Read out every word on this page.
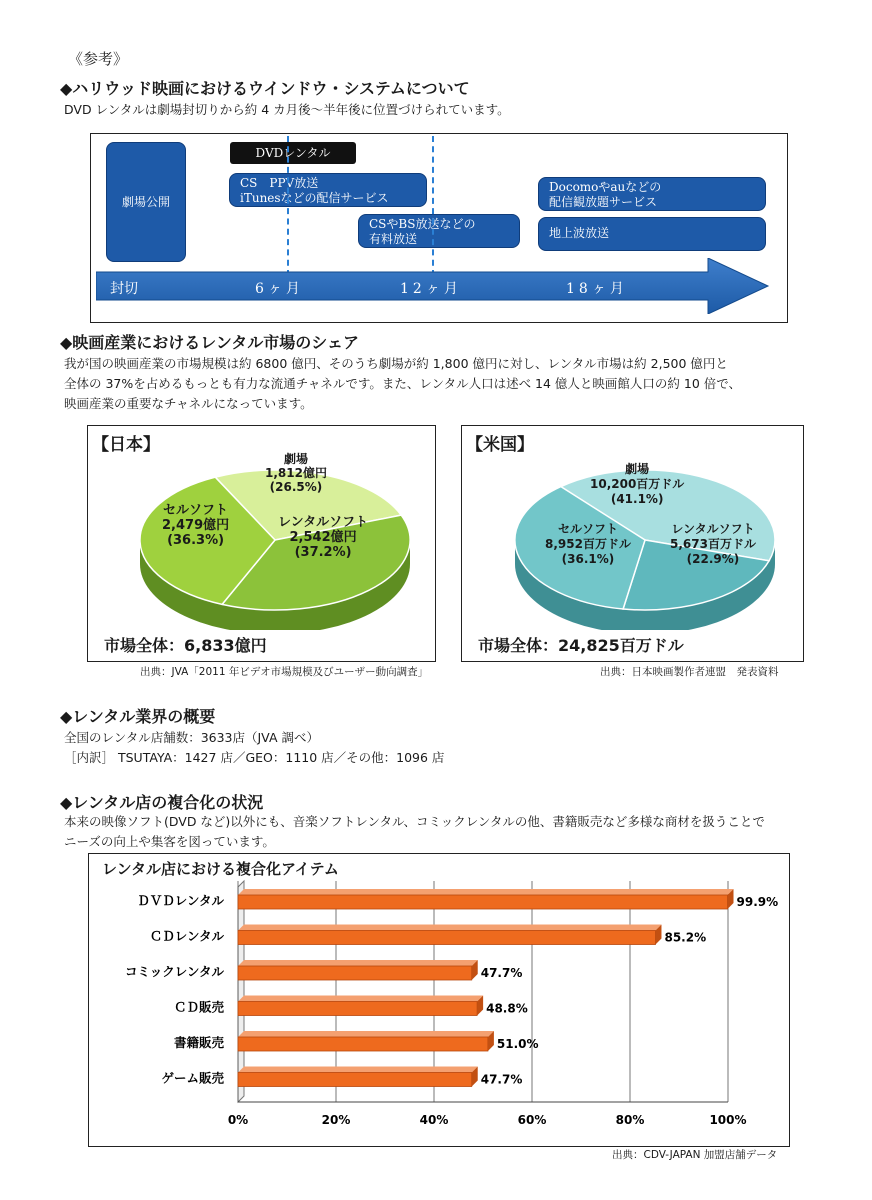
《参考》
◆ハリウッド映画におけるウインドウ・システムについて
DVD レンタルは劇場封切りから約 4 カ月後〜半年後に位置づけられています。
劇場公開
DVDレンタル
CS　PPV放送
iTunesなどの配信サービス
CSやBS放送などの
有料放送
Docomoやauなどの
配信観放題サービス
地上波放送
封切	6ヶ月	12ヶ月	18ヶ月
◆映画産業におけるレンタル市場のシェア
我が国の映画産業の市場規模は約 6800 億円、そのうち劇場が約 1,800 億円に対し、レンタル市場は約 2,500 億円と
全体の 37%を占めるもっとも有力な流通チャネルです。また、レンタル人口は述べ 14 億人と映画館人口の約 10 倍で、
映画産業の重要なチャネルになっています。
【日本】
劇場
1,812億円
(26.5%)
レンタルソフト
2,542億円
(37.2%)
セルソフト
2,479億円
(36.3%)
市場全体：6,833億円
出典：JVA「2011 年ビデオ市場規模及びユーザー動向調査」
【米国】
劇場
10,200百万ドル
(41.1%)
レンタルソフト
5,673百万ドル
(22.9%)
セルソフト
8,952百万ドル
(36.1%)
市場全体：24,825百万ドル
出典：日本映画製作者連盟　発表資料
◆レンタル業界の概要
全国のレンタル店舗数：3633店（JVA 調べ）
［内訳］ TSUTAYA：1427 店／GEO：1110 店／その他：1096 店
◆レンタル店の複合化の状況
本来の映像ソフト(DVD など)以外にも、音楽ソフトレンタル、コミックレンタルの他、書籍販売など多様な商材を扱うことで
ニーズの向上や集客を図っています。
レンタル店における複合化アイテム
ＤＶＤレンタル	99.9%
ＣＤレンタル	85.2%
コミックレンタル	47.7%
ＣＤ販売	48.8%
書籍販売	51.0%
ゲーム販売	47.7%
0%	20%	40%	60%	80%	100%
出典：CDV-JAPAN 加盟店舗データ
